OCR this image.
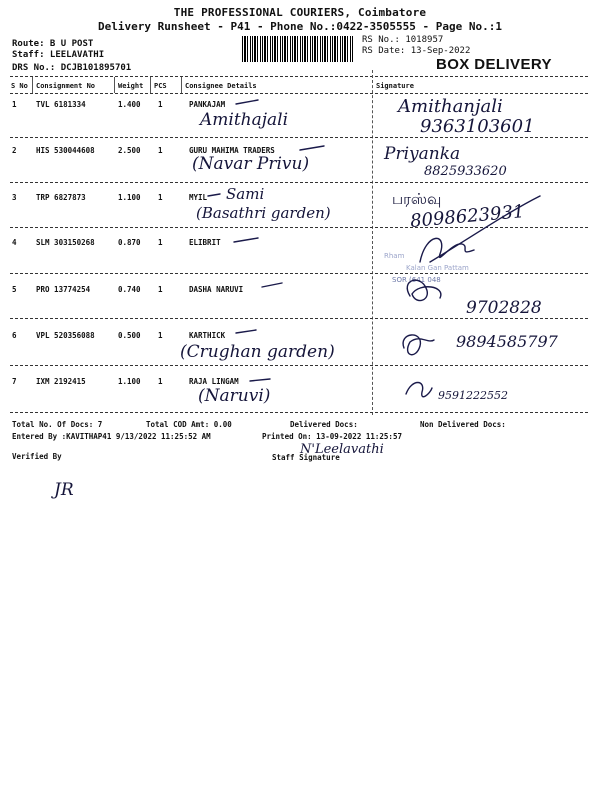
THE PROFESSIONAL COURIERS, Coimbatore
Delivery Runsheet - P41 - Phone No.:0422-3505555 - Page No.:1
Route: B U POST
Staff: LEELAVATHI
DRS No.: DCJB101895701
RS No.: 1018957
RS Date: 13-Sep-2022
BOX DELIVERY
S No Consignment No	Weight PCS	Consignee Details	Signature
1	TVL 6181334	1.400 1	PANKAJAM
Amithajali
Amithanjali
9363103601
2	HIS 530044608	2.500 1	GURU MAHIMA TRADERS
(Navar Privu)	Priyanka
8825933620
3	TRP 6827873	1.100 1	MYIL Sami
(Basathri garden)
பரஸ்வு
8098623931
4	SLM 303150268	0.870 1	ELIBRIT
5	PRO 13774254	0.740 1	DASHA NARUVI
9702828
6	VPL 520356088	0.500 1	KARTHICK
(Crughan garden)
9894585797
7	IXM 2192415	1.100 1	RAJA LINGAM
(Naruvi)	9591222552
Rham
Kalan Gan Pattam
SOR (641 048
Total No. Of Docs: 7	Total COD Amt: 0.00	Delivered Docs:	Non Delivered Docs:
Entered By :KAVITHAP41 9/13/2022 11:25:52 AM	Printed On: 13-09-2022 11:25:57
Verified By	Staff Signature
N'Leelavathi
JR
